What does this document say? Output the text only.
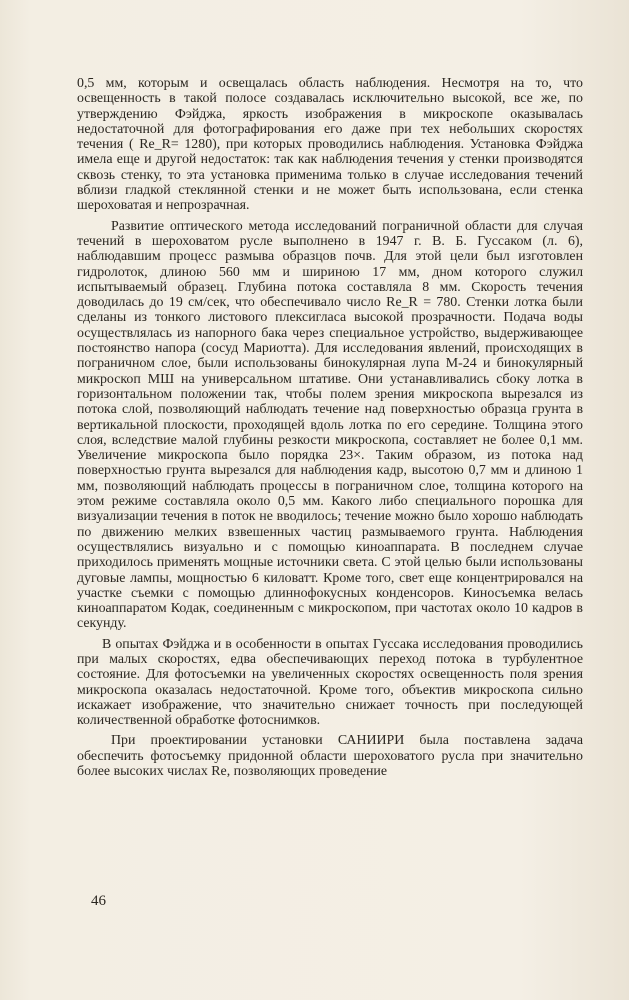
0,5 мм, которым и освещалась область наблюдения. Несмотря на то, что освещенность в такой полосе создавалась исключительно высокой, все же, по утверждению Фэйджа, яркость изображения в микроскопе оказывалась недостаточной для фотографирования его даже при тех небольших скоростях течения ( Re_R= 1280), при которых проводились наблюдения. Установка Фэйджа имела еще и другой недостаток: так как наблюдения течения у стенки производятся сквозь стенку, то эта установка применима только в случае исследования течений вблизи гладкой стеклянной стенки и не может быть использована, если стенка шероховатая и непрозрачная.

Развитие оптического метода исследований пограничной области для случая течений в шероховатом русле выполнено в 1947 г. В. Б. Гуссаком (л. 6), наблюдавшим процесс размыва образцов почв. Для этой цели был изготовлен гидролоток, длиною 560 мм и шириною 17 мм, дном которого служил испытываемый образец. Глубина потока составляла 8 мм. Скорость течения доводилась до 19 см/сек, что обеспечивало число Re_R = 780. Стенки лотка были сделаны из тонкого листового плексигласа высокой прозрачности. Подача воды осуществлялась из напорного бака через специальное устройство, выдерживающее постоянство напора (сосуд Мариотта). Для исследования явлений, происходящих в пограничном слое, были использованы бинокулярная лупа М-24 и бинокулярный микроскоп МШ на универсальном штативе. Они устанавливались сбоку лотка в горизонтальном положении так, чтобы полем зрения микроскопа вырезался из потока слой, позволяющий наблюдать течение над поверхностью образца грунта в вертикальной плоскости, проходящей вдоль лотка по его середине. Толщина этого слоя, вследствие малой глубины резкости микроскопа, составляет не более 0,1 мм. Увеличение микроскопа было порядка 23×. Таким образом, из потока над поверхностью грунта вырезался для наблюдения кадр, высотою 0,7 мм и длиною 1 мм, позволяющий наблюдать процессы в пограничном слое, толщина которого на этом режиме составляла около 0,5 мм. Какого либо специального порошка для визуализации течения в поток не вводилось; течение можно было хорошо наблюдать по движению мелких взвешенных частиц размываемого грунта. Наблюдения осуществлялись визуально и с помощью киноаппарата. В последнем случае приходилось применять мощные источники света. С этой целью были использованы дуговые лампы, мощностью 6 киловатт. Кроме того, свет еще концентрировался на участке съемки с помощью длиннофокусных конденсоров. Киносъемка велась киноаппаратом Кодак, соединенным с микроскопом, при частотах около 10 кадров в секунду.

В опытах Фэйджа и в особенности в опытах Гуссака исследования проводились при малых скоростях, едва обеспечивающих переход потока в турбулентное состояние. Для фотосъемки на увеличенных скоростях освещенность поля зрения микроскопа оказалась недостаточной. Кроме того, объектив микроскопа сильно искажает изображение, что значительно снижает точность при последующей количественной обработке фотоснимков.

При проектировании установки САНИИРИ была поставлена задача обеспечить фотосъемку придонной области шероховатого русла при значительно более высоких числах Re, позволяющих проведение

46
